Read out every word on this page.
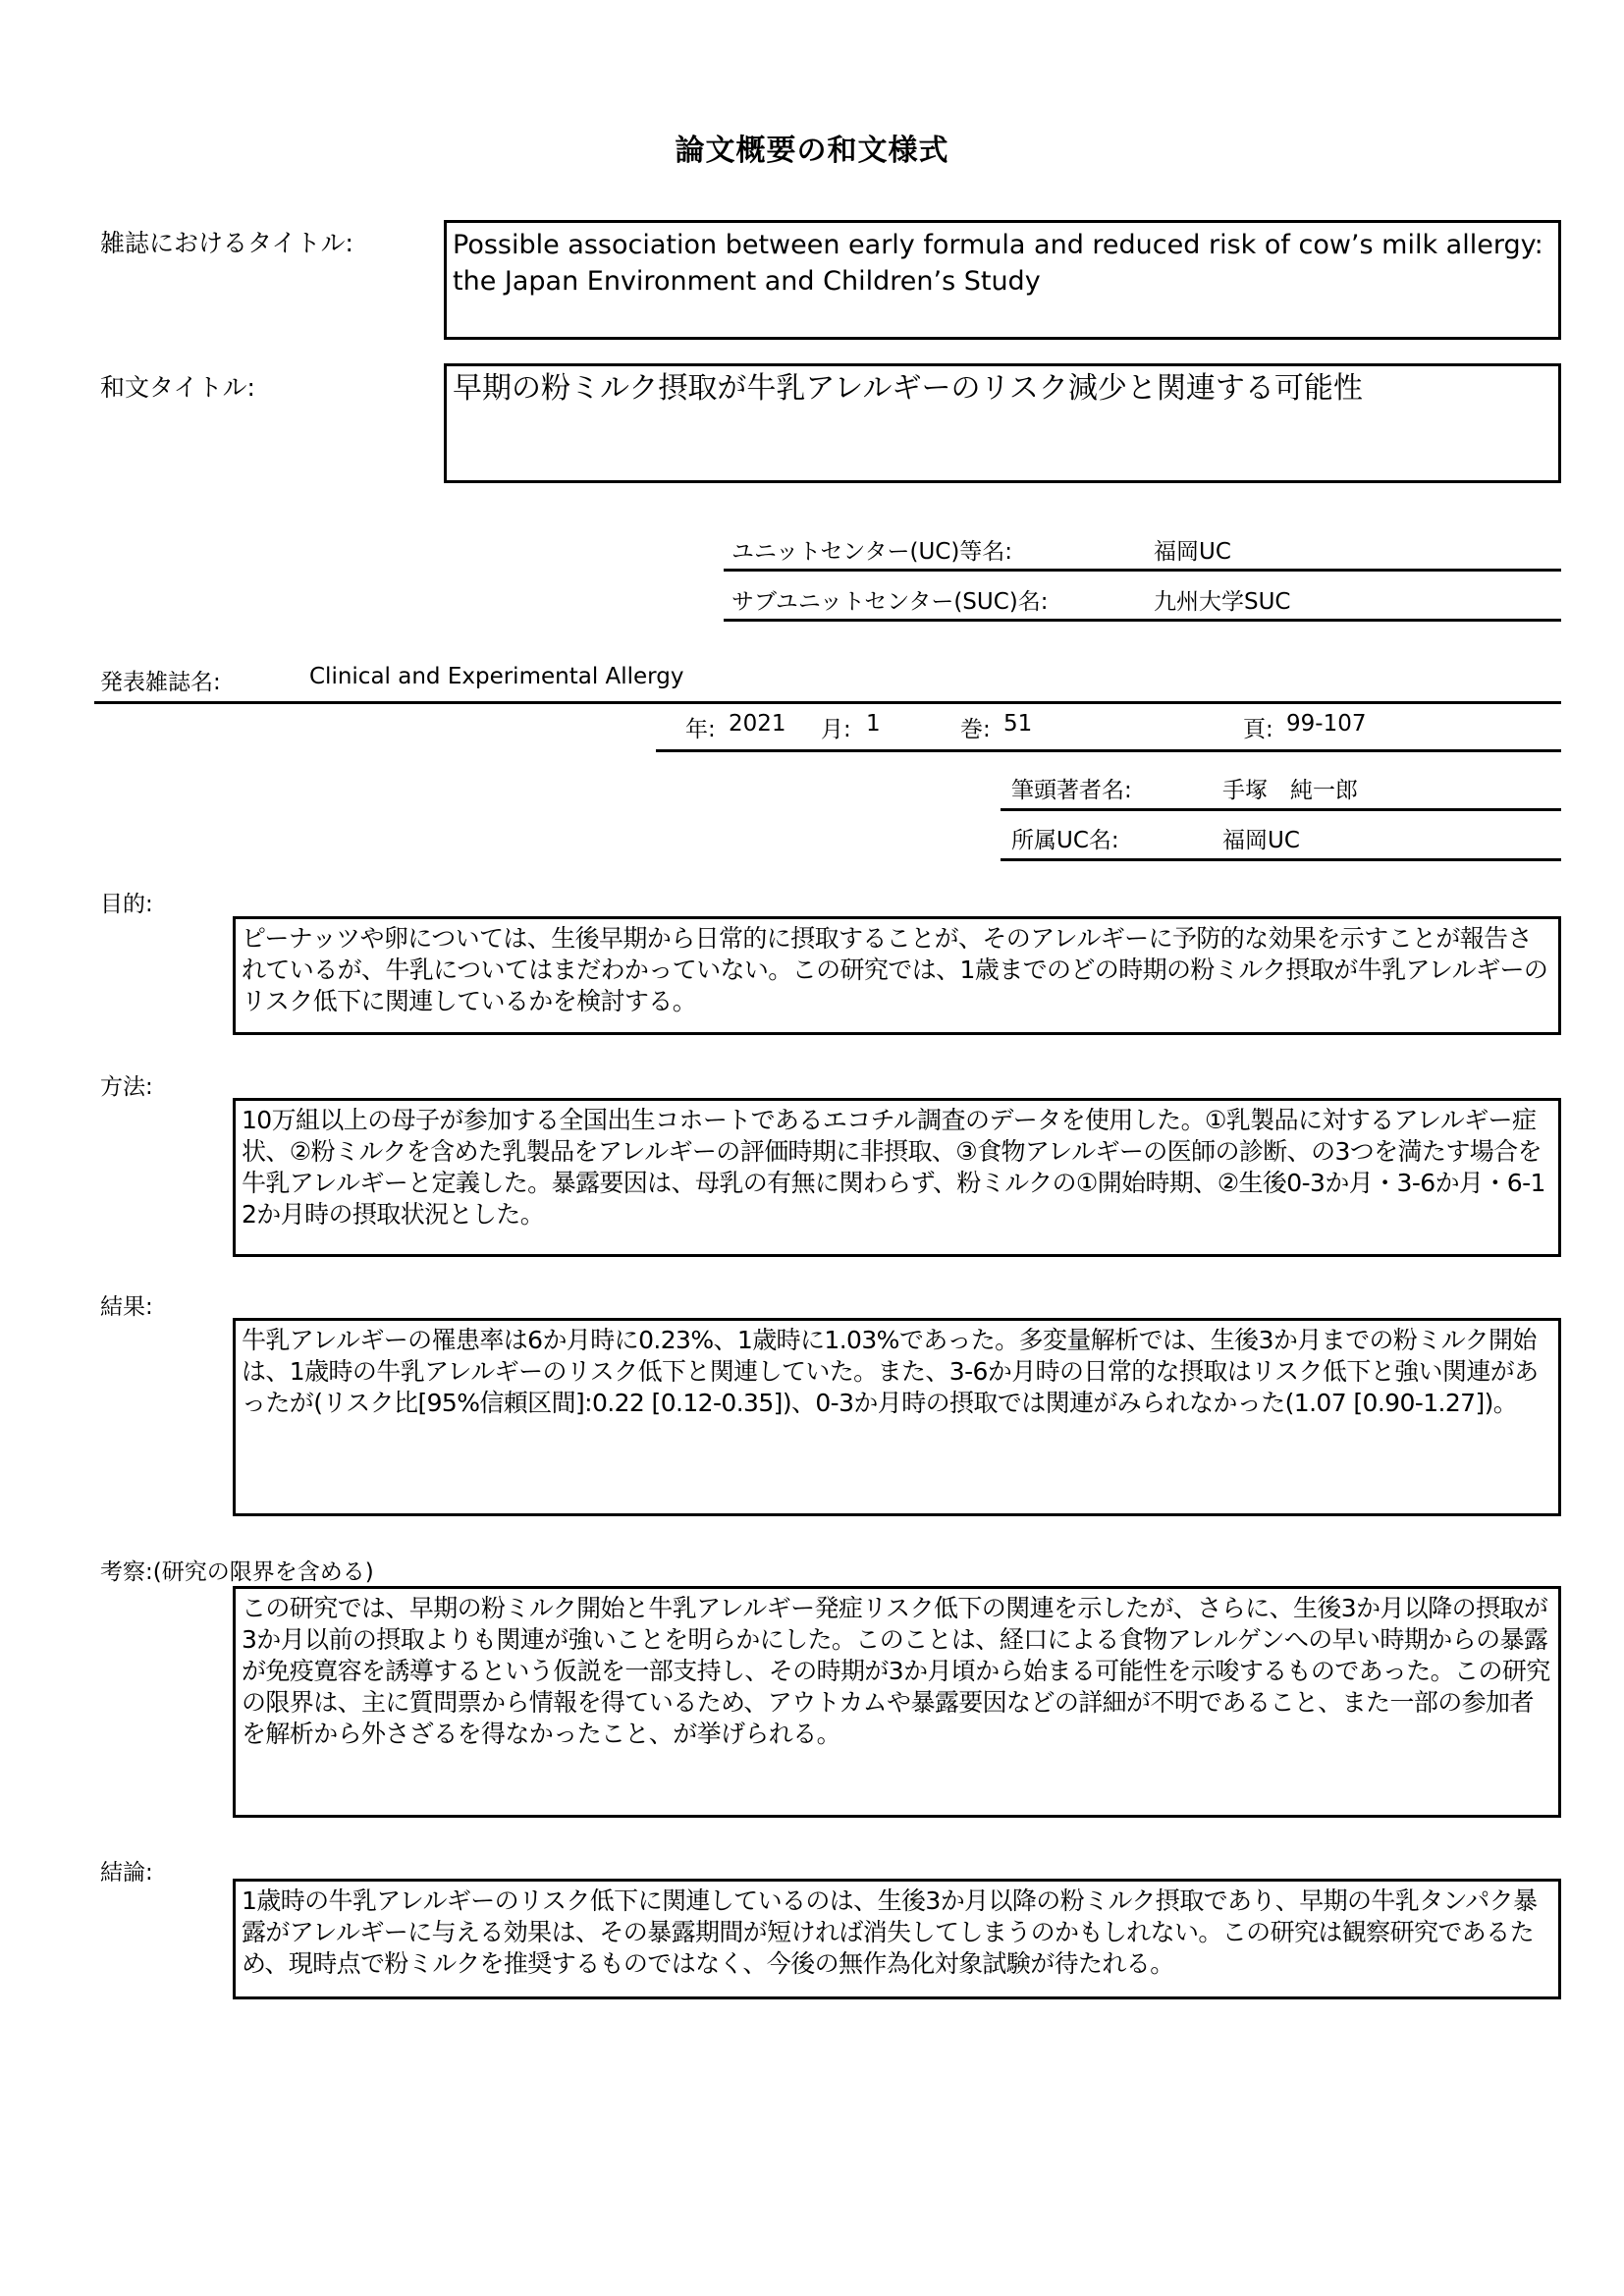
論文概要の和文様式
雑誌におけるタイトル:	Possible association between early formula and reduced risk of cow’s milk allergy: the Japan Environment and Children’s Study
和文タイトル:	早期の粉ミルク摂取が牛乳アレルギーのリスク減少と関連する可能性
ユニットセンター(UC)等名:	福岡UC
サブユニットセンター(SUC)名:	九州大学SUC
発表雑誌名:	Clinical and Experimental Allergy
年: 2021 月: 1	巻: 51	頁: 99-107
筆頭著者名:	手塚　純一郎
所属UC名:	福岡UC
目的:

ピーナッツや卵については、生後早期から日常的に摂取することが、そのアレルギーに予防的な効果を示すことが報告されているが、牛乳についてはまだわかっていない。この研究では、1歳までのどの時期の粉ミルク摂取が牛乳アレルギーのリスク低下に関連しているかを検討する。

方法:

10万組以上の母子が参加する全国出生コホートであるエコチル調査のデータを使用した。①乳製品に対するアレルギー症状、②粉ミルクを含めた乳製品をアレルギーの評価時期に非摂取、③食物アレルギーの医師の診断、の3つを満たす場合を牛乳アレルギーと定義した。暴露要因は、母乳の有無に関わらず、粉ミルクの①開始時期、②生後0-3か月・3-6か月・6-12か月時の摂取状況とした。

結果:

牛乳アレルギーの罹患率は6か月時に0.23%、1歳時に1.03%であった。多変量解析では、生後3か月までの粉ミルク開始は、1歳時の牛乳アレルギーのリスク低下と関連していた。また、3-6か月時の日常的な摂取はリスク低下と強い関連があったが(リスク比[95%信頼区間]:0.22 [0.12-0.35])、0-3か月時の摂取では関連がみられなかった(1.07 [0.90-1.27])。

考察:(研究の限界を含める)

この研究では、早期の粉ミルク開始と牛乳アレルギー発症リスク低下の関連を示したが、さらに、生後3か月以降の摂取が3か月以前の摂取よりも関連が強いことを明らかにした。このことは、経口による食物アレルゲンへの早い時期からの暴露が免疫寛容を誘導するという仮説を一部支持し、その時期が3か月頃から始まる可能性を示唆するものであった。この研究の限界は、主に質問票から情報を得ているため、アウトカムや暴露要因などの詳細が不明であること、また一部の参加者を解析から外さざるを得なかったこと、が挙げられる。

結論:

1歳時の牛乳アレルギーのリスク低下に関連しているのは、生後3か月以降の粉ミルク摂取であり、早期の牛乳タンパク暴露がアレルギーに与える効果は、その暴露期間が短ければ消失してしまうのかもしれない。この研究は観察研究であるため、現時点で粉ミルクを推奨するものではなく、今後の無作為化対象試験が待たれる。
